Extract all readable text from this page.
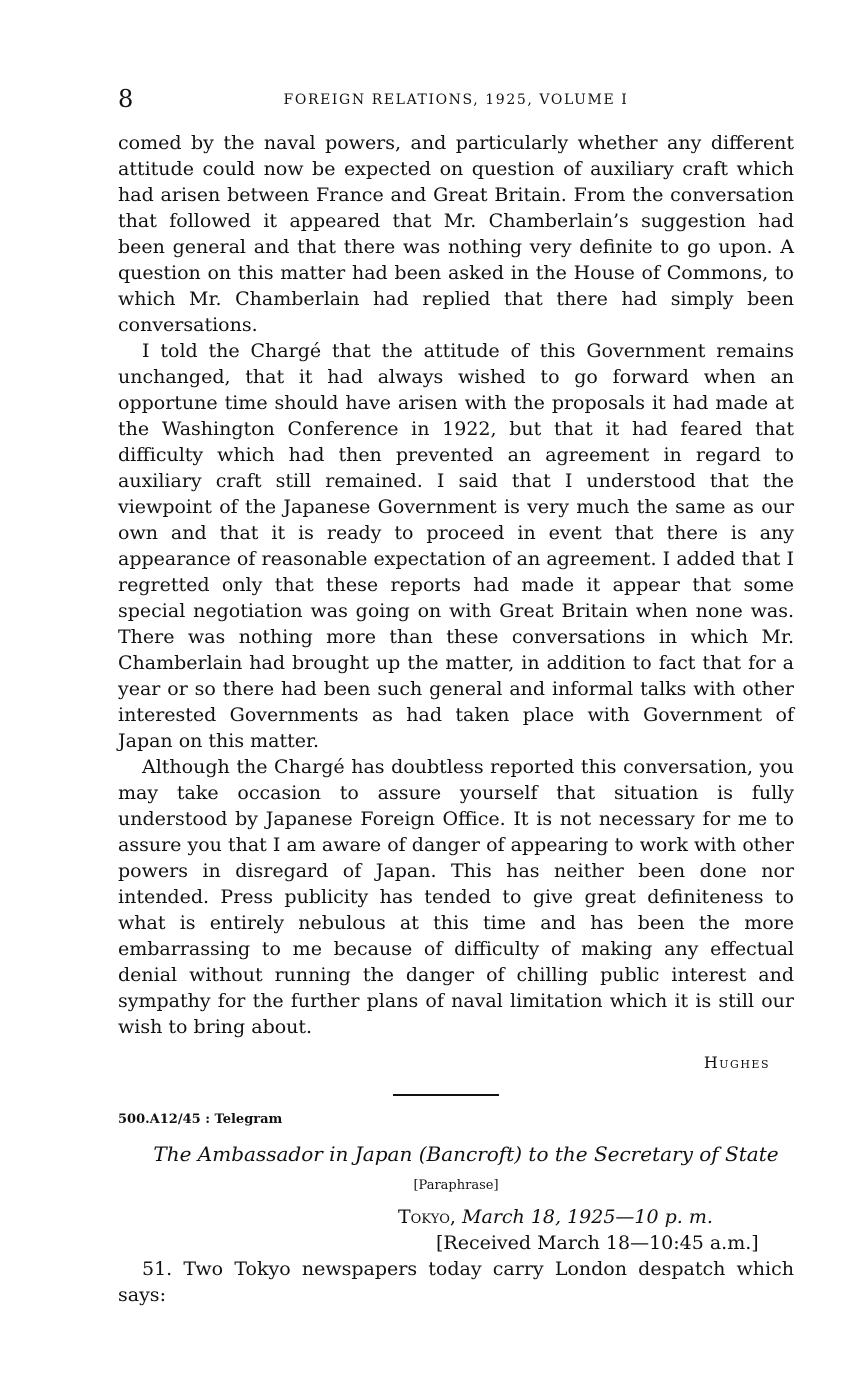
8	FOREIGN RELATIONS, 1925, VOLUME I

comed by the naval powers, and particularly whether any different attitude could now be expected on question of auxiliary craft which had arisen between France and Great Britain. From the conversation that followed it appeared that Mr. Chamberlain’s suggestion had been general and that there was nothing very definite to go upon. A question on this matter had been asked in the House of Commons, to which Mr. Chamberlain had replied that there had simply been conversations.

I told the Chargé that the attitude of this Government remains unchanged, that it had always wished to go forward when an opportune time should have arisen with the proposals it had made at the Washington Conference in 1922, but that it had feared that difficulty which had then prevented an agreement in regard to auxiliary craft still remained. I said that I understood that the viewpoint of the Japanese Government is very much the same as our own and that it is ready to proceed in event that there is any appearance of reasonable expectation of an agreement. I added that I regretted only that these reports had made it appear that some special negotiation was going on with Great Britain when none was. There was nothing more than these conversations in which Mr. Chamberlain had brought up the matter, in addition to fact that for a year or so there had been such general and informal talks with other interested Governments as had taken place with Government of Japan on this matter.

Although the Chargé has doubtless reported this conversation, you may take occasion to assure yourself that situation is fully understood by Japanese Foreign Office. It is not necessary for me to assure you that I am aware of danger of appearing to work with other powers in disregard of Japan. This has neither been done nor intended. Press publicity has tended to give great definiteness to what is entirely nebulous at this time and has been the more embarrassing to me because of difficulty of making any effectual denial without running the danger of chilling public interest and sympathy for the further plans of naval limitation which it is still our wish to bring about.

Hughes
500.A12/45 : Telegram
The Ambassador in Japan (Bancroft) to the Secretary of State
[Paraphrase]
Tokyo, March 18, 1925—10 p. m.
[Received March 18—10:45 a.m.]

51. Two Tokyo newspapers today carry London despatch which says:
